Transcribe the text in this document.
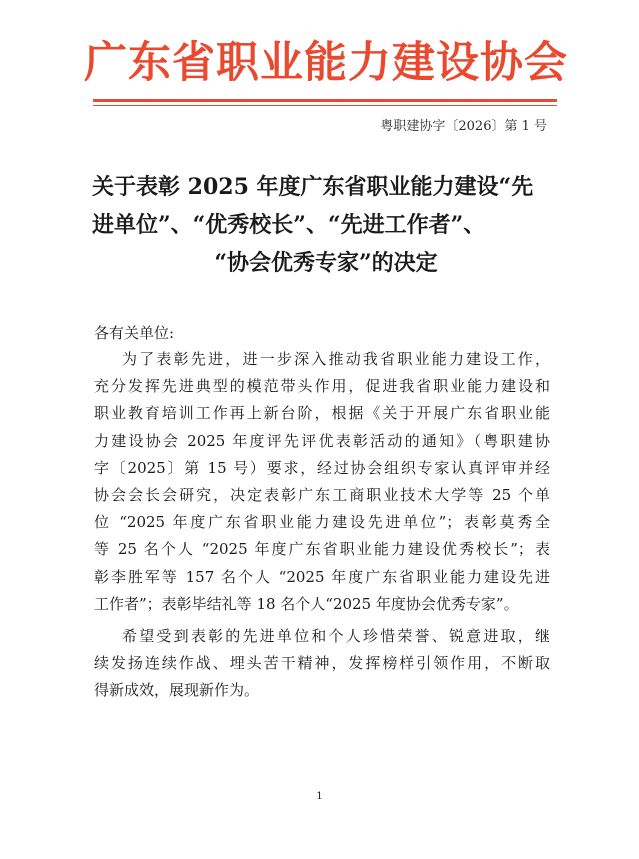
广东省职业能力建设协会
粤职建协字〔2026〕第 1 号
关于表彰 2025 年度广东省职业能力建设“先
进单位”、“优秀校长”、“先进工作者”、
“协会优秀专家”的决定
各有关单位:
为了表彰先进，进一步深入推动我省职业能力建设工作，
充分发挥先进典型的模范带头作用，促进我省职业能力建设和
职业教育培训工作再上新台阶，根据《关于开展广东省职业能
力建设协会 2025 年度评先评优表彰活动的通知》（粤职建协
字〔2025〕第 15 号）要求，经过协会组织专家认真评审并经
协会会长会研究，决定表彰广东工商职业技术大学等 25 个单
位 “2025 年度广东省职业能力建设先进单位”；表彰莫秀全
等 25 名个人 “2025 年度广东省职业能力建设优秀校长”；表
彰李胜军等 157 名个人 “2025 年度广东省职业能力建设先进
工作者”；表彰毕结礼等 18 名个人“2025 年度协会优秀专家”。
希望受到表彰的先进单位和个人珍惜荣誉、锐意进取，继
续发扬连续作战、埋头苦干精神，发挥榜样引领作用，不断取
得新成效，展现新作为。
1
